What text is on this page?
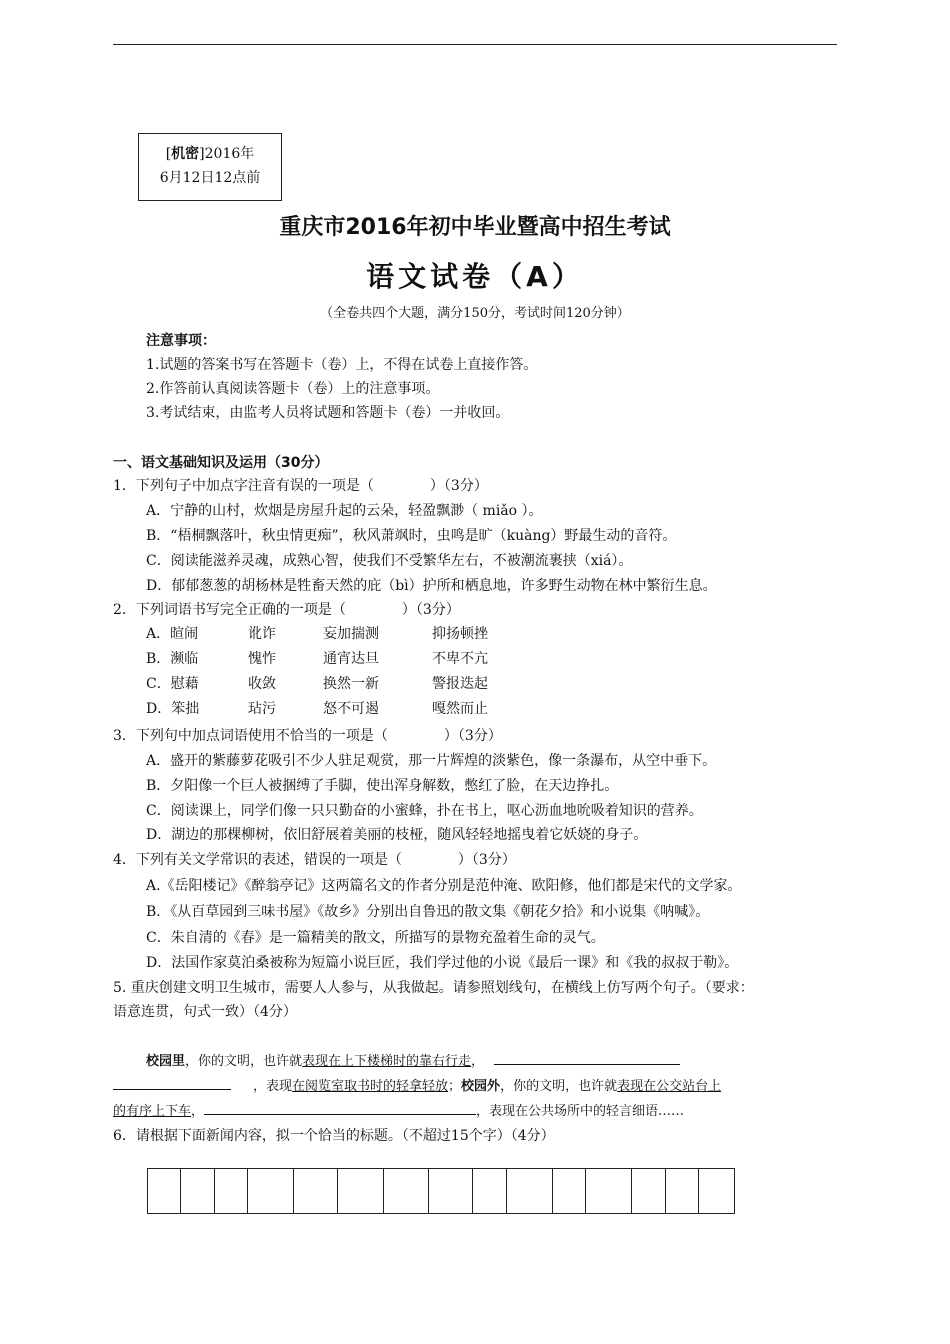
[机密]2016年
6月12日12点前
重庆市2016年初中毕业暨高中招生考试
语文试卷（A）
（全卷共四个大题，满分150分，考试时间120分钟）
注意事项：
1.试题的答案书写在答题卡（卷）上，不得在试卷上直接作答。
2.作答前认真阅读答题卡（卷）上的注意事项。
3.考试结束，由监考人员将试题和答题卡（卷）一并收回。
一、语文基础知识及运用（30分）
1．下列句子中加点字注音有误的一项是（　　　　）（3分）
A．宁静的山村，炊烟是房屋升起的云朵，轻盈飘渺（ miǎo ）。
B．“梧桐飘落叶，秋虫情更痴”，秋风萧飒时，虫鸣是旷（kuàng）野最生动的音符。
C．阅读能滋养灵魂，成熟心智，使我们不受繁华左右，不被潮流裹挟（xiá）。
D．郁郁葱葱的胡杨林是牲畜天然的庇（bì）护所和栖息地，许多野生动物在林中繁衍生息。
2．下列词语书写完全正确的一项是（　　　　）（3分）
A．暄闹	讹诈	妄加揣测	抑扬顿挫
B．濒临	愧怍	通宵达旦	不卑不亢
C．慰藉	收敛	换然一新	警报迭起
D．笨拙	玷污	怒不可遏	嘎然而止
3．下列句中加点词语使用不恰当的一项是（　　　　）（3分）
A．盛开的紫藤萝花吸引不少人驻足观赏，那一片辉煌的淡紫色，像一条瀑布，从空中垂下。
B．夕阳像一个巨人被捆缚了手脚，使出浑身解数，憋红了脸，在天边挣扎。
C．阅读课上，同学们像一只只勤奋的小蜜蜂，扑在书上，呕心沥血地吮吸着知识的营养。
D．湖边的那棵柳树，依旧舒展着美丽的枝桠，随风轻轻地摇曳着它妖娆的身子。
4．下列有关文学常识的表述，错误的一项是（　　　　）（3分）
A.《岳阳楼记》《醉翁亭记》这两篇名文的作者分别是范仲淹、欧阳修，他们都是宋代的文学家。
B．《从百草园到三味书屋》《故乡》分别出自鲁迅的散文集《朝花夕拾》和小说集《呐喊》。
C．朱自清的《春》是一篇精美的散文，所描写的景物充盈着生命的灵气。
D．法国作家莫泊桑被称为短篇小说巨匠，我们学过他的小说《最后一课》和《我的叔叔于勒》。
5. 重庆创建文明卫生城市，需要人人参与，从我做起。请参照划线句，在横线上仿写两个句子。（要求：
语意连贯，句式一致）（4分）
校园里，你的文明，也许就表现在上下楼梯时的靠右行走，
，表现在阅览室取书时的轻拿轻放；校园外，你的文明，也许就表现在公交站台上
的有序上下车，	，表现在公共场所中的轻言细语……
6．请根据下面新闻内容，拟一个恰当的标题。（不超过15个字）（4分）
